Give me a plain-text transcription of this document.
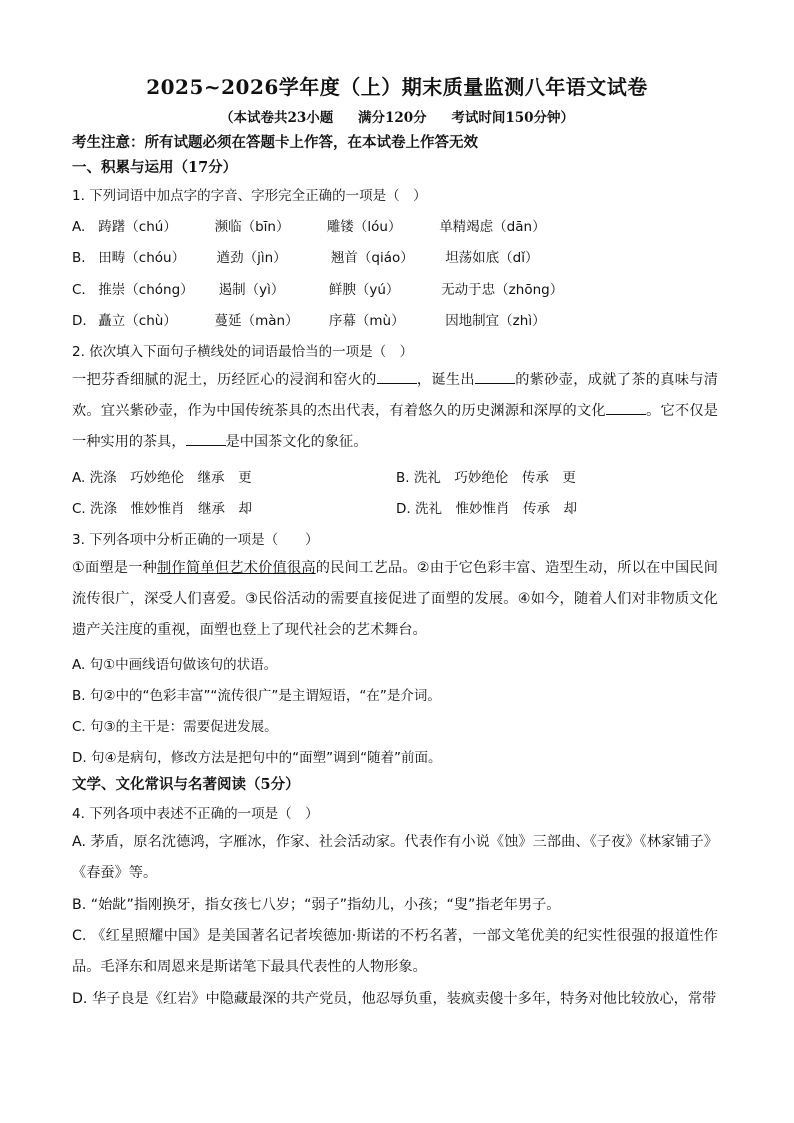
2025~2026学年度（上）期末质量监测八年语文试卷
（本试卷共23小题 满分120分 考试时间150分钟）
考生注意：所有试题必须在答题卡上作答，在本试卷上作答无效
一、积累与运用（17分）
1. 下列词语中加点字的字音、字形完全正确的一项是（　）
A. 踌躇（chú）	濒临（bīn）	雕镂（lóu）	单精竭虑（dān）
B. 田畴（chóu） 遒劲（jìn）	翘首（qiáo） 坦荡如底（dǐ）
C. 推崇（chóng） 遏制（yì）	鲜腴（yú）	无动于忠（zhōng）
D. 矗立（chù）	蔓延（màn） 序幕（mù）	因地制宜（zhì）
2. 依次填入下面句子横线处的词语最恰当的一项是（　）
一把芬香细腻的泥土，历经匠心的浸润和窑火的	，诞生出	的紫砂壶，成就了茶的真味与清欢。宜兴紫砂壶，作为中国传统茶具的杰出代表，有着悠久的历史渊源和深厚的文化	。它不仅是一种实用的茶具，	是中国茶文化的象征。
A. 洗涤　巧妙绝伦　继承　更	B. 洗礼　巧妙绝伦　传承　更
C. 洗涤　惟妙惟肖　继承　却	D. 洗礼　惟妙惟肖　传承　却
3. 下列各项中分析正确的一项是（　　）
①面塑是一种制作简单但艺术价值很高的民间工艺品。②由于它色彩丰富、造型生动，所以在中国民间流传很广，深受人们喜爱。③民俗活动的需要直接促进了面塑的发展。④如今，随着人们对非物质文化遗产关注度的重视，面塑也登上了现代社会的艺术舞台。
A. 句①中画线语句做该句的状语。
B. 句②中的“色彩丰富”“流传很广”是主谓短语，“在”是介词。
C. 句③的主干是：需要促进发展。
D. 句④是病句，修改方法是把句中的“面塑”调到“随着”前面。
文学、文化常识与名著阅读（5分）
4. 下列各项中表述不正确的一项是（　）
A. 茅盾，原名沈德鸿，字雁冰，作家、社会活动家。代表作有小说《蚀》三部曲、《子夜》《林家铺子》《春蚕》等。
B. “始龀”指刚换牙，指女孩七八岁；“弱子”指幼儿，小孩；“叟”指老年男子。
C. 《红星照耀中国》是美国著名记者埃德加·斯诺的不朽名著，一部文笔优美的纪实性很强的报道性作品。毛泽东和周恩来是斯诺笔下最具代表性的人物形象。
D. 华子良是《红岩》中隐藏最深的共产党员，他忍辱负重，装疯卖傻十多年，特务对他比较放心，常带
